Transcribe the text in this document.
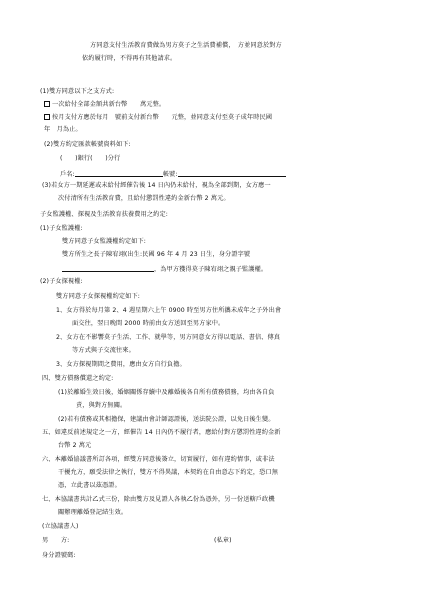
方同意支付生活教育費做為男方莫子之生活費補償，　方並同意於對方
依約履行時，不得再有其他請求。
(1)雙方同意以下之支方式:
一次給付全部金額共新台幣　　萬元整。
按月支付方應於每月　號前支付新台幣　　元整，並同意支付至莫子成年時民國
年　月為止。
(2)雙方約定匯款帳號資料如下:
(　　)銀行(　　)分行
戶名:	帳號:
(3)若女方一期延遲或未給付經催告後 14 日內仍未給付，視為全部到期，女方應一
次付清所有生活教育費，且給付懲罰性違約金新台幣 2 萬元。
子女監護權、探視及生活教育扶養費用之約定:
(1)子女監護權:
雙方同意子女監護權約定如下:
雙方所生之長子陳宥翊(出生:民國 96 年 4 月 23 日生，身分證字號
，為甲方獲得莫子陳宥翊之親子監護權。
(2)子女探視權:
雙方同意子女探視權約定如下:
1、女方得於每月第 2、4 週星期六上午 0900 時至男方住所攜未成年之子外出會
面交往，翌日晚間 2000 時前由女方送回至男方家中。
2、女方在不影響莫子生活、工作、就學等，男方同意女方得以電話、書信、傳真
等方式與子交流往來。
3、女方探視期間之費用，應由女方自行負擔。
四、雙方債務償還之約定:
(1)於離婚生效日後，婚姻關係存續中及離婚後各自所有債務債務，均由各自負
責，與對方無關。
(2)若有債務或其相擔保，建議由會計師認證後，送法院公證，以免日後生變。
五、如違反前述規定之一方，經催告 14 日內仍不履行者，應給付對方懲罰性違約金新
台幣 2 萬元
六、本離婚協議書所訂各項，經雙方同意後簽立，切實履行，如有違約情事，或非法
干擾允方，願受法律之執行，雙方不得異議，本契約在自由意志下約定，恐口無
憑，立此書以茲憑證。
七、本協議書共計乙式三份，除由雙方及見證人各執乙份為憑外，另一份送轄戶政機
關辦理離婚登記結生效。
(立協議書人)
男　　方:	(私章)
身分證號碼:
